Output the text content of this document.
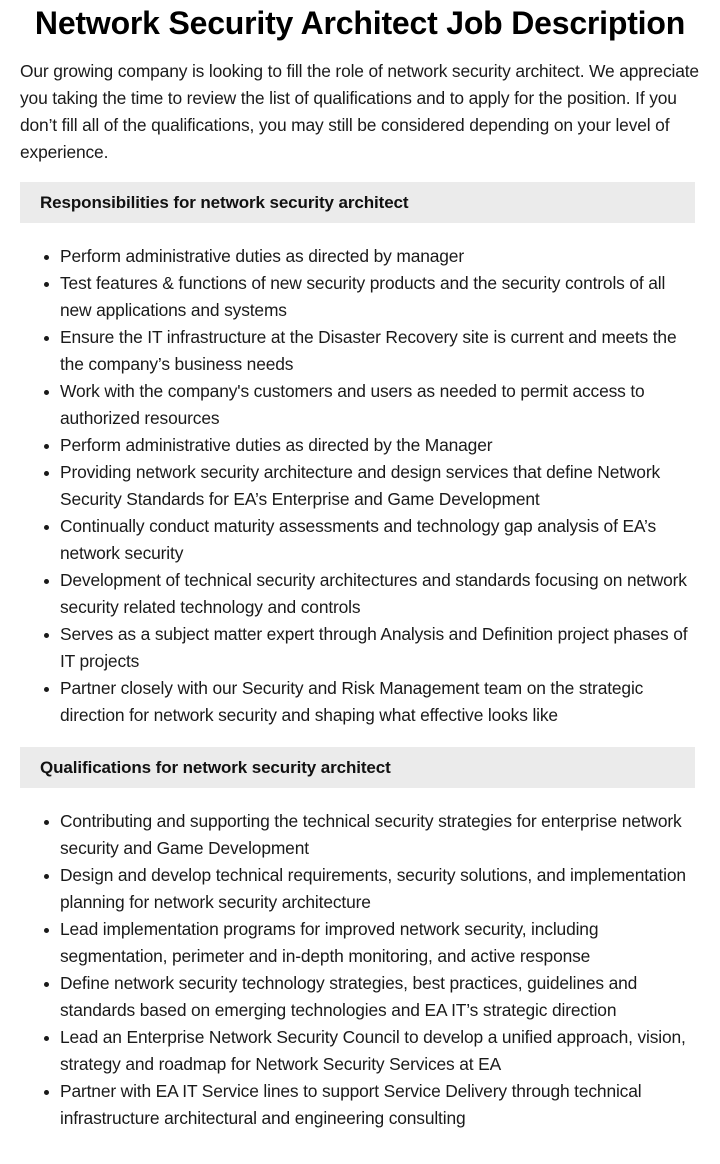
Network Security Architect Job Description

Our growing company is looking to fill the role of network security architect. We appreciate you taking the time to review the list of qualifications and to apply for the position. If you don’t fill all of the qualifications, you may still be considered depending on your level of experience.

Responsibilities for network security architect
Perform administrative duties as directed by manager
Test features & functions of new security products and the security controls of all new applications and systems
Ensure the IT infrastructure at the Disaster Recovery site is current and meets the the company’s business needs
Work with the company's customers and users as needed to permit access to authorized resources
Perform administrative duties as directed by the Manager
Providing network security architecture and design services that define Network Security Standards for EA’s Enterprise and Game Development
Continually conduct maturity assessments and technology gap analysis of EA’s network security
Development of technical security architectures and standards focusing on network security related technology and controls
Serves as a subject matter expert through Analysis and Definition project phases of IT projects
Partner closely with our Security and Risk Management team on the strategic direction for network security and shaping what effective looks like
Qualifications for network security architect
Contributing and supporting the technical security strategies for enterprise network security and Game Development
Design and develop technical requirements, security solutions, and implementation planning for network security architecture
Lead implementation programs for improved network security, including segmentation, perimeter and in-depth monitoring, and active response
Define network security technology strategies, best practices, guidelines and standards based on emerging technologies and EA IT’s strategic direction
Lead an Enterprise Network Security Council to develop a unified approach, vision, strategy and roadmap for Network Security Services at EA
Partner with EA IT Service lines to support Service Delivery through technical infrastructure architectural and engineering consulting
